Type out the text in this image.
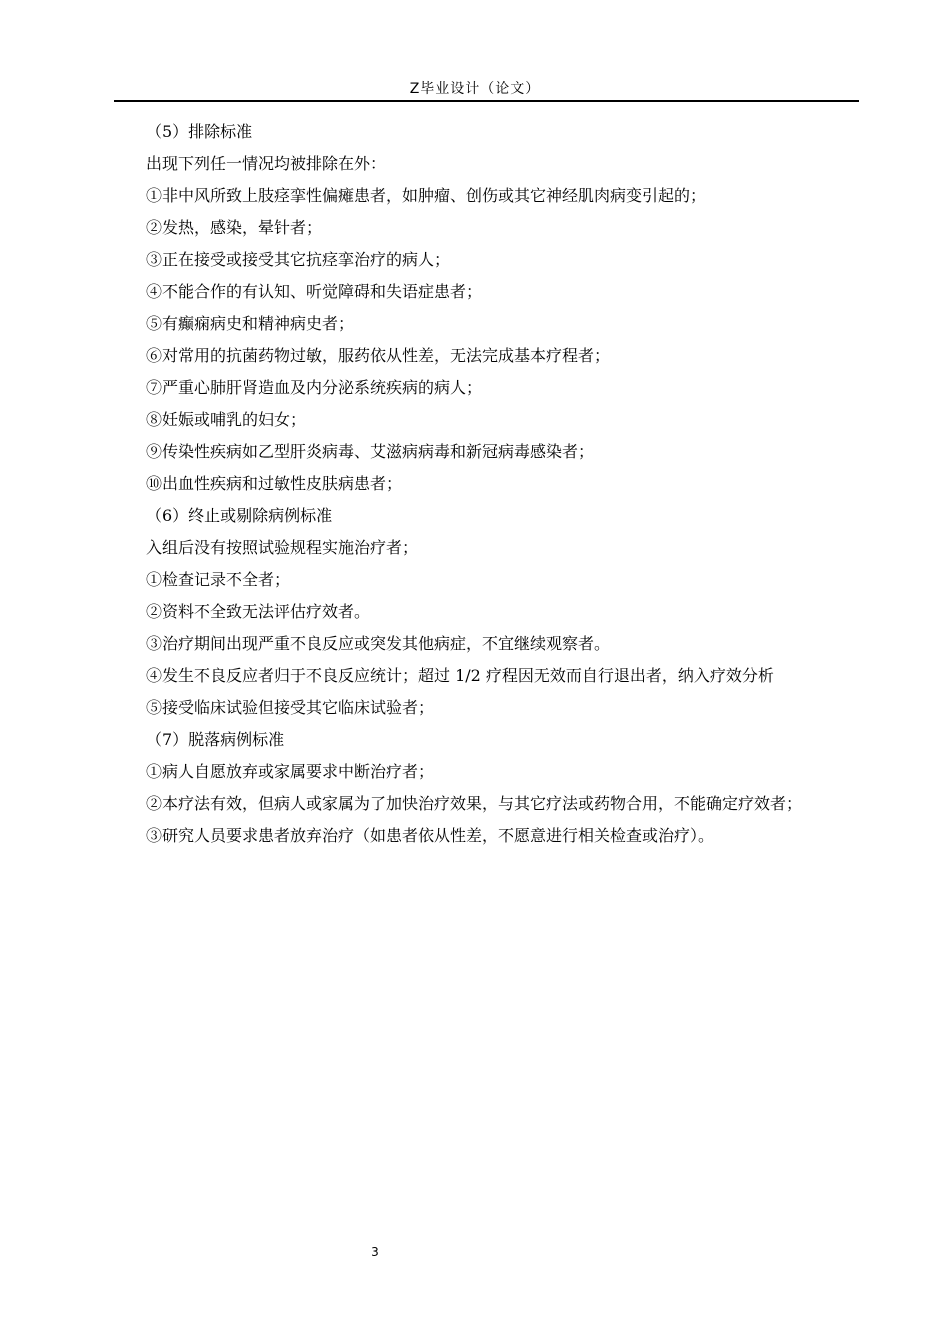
Z毕业设计（论文）

（5）排除标准

出现下列任一情况均被排除在外：

①非中风所致上肢痉挛性偏瘫患者，如肿瘤、创伤或其它神经肌肉病变引起的；

②发热，感染，晕针者；

③正在接受或接受其它抗痉挛治疗的病人；

④不能合作的有认知、听觉障碍和失语症患者；

⑤有癫痫病史和精神病史者；

⑥对常用的抗菌药物过敏，服药依从性差，无法完成基本疗程者；

⑦严重心肺肝肾造血及内分泌系统疾病的病人；

⑧妊娠或哺乳的妇女；

⑨传染性疾病如乙型肝炎病毒、艾滋病病毒和新冠病毒感染者；

⑩出血性疾病和过敏性皮肤病患者；

（6）终止或剔除病例标准

入组后没有按照试验规程实施治疗者；

①检查记录不全者；

②资料不全致无法评估疗效者。

③治疗期间出现严重不良反应或突发其他病症，不宜继续观察者。

④发生不良反应者归于不良反应统计；超过 1/2 疗程因无效而自行退出者，纳入疗效分析

⑤接受临床试验但接受其它临床试验者；

（7）脱落病例标准

①病人自愿放弃或家属要求中断治疗者；

②本疗法有效，但病人或家属为了加快治疗效果，与其它疗法或药物合用，不能确定疗效者；

③研究人员要求患者放弃治疗（如患者依从性差，不愿意进行相关检查或治疗）。

3
